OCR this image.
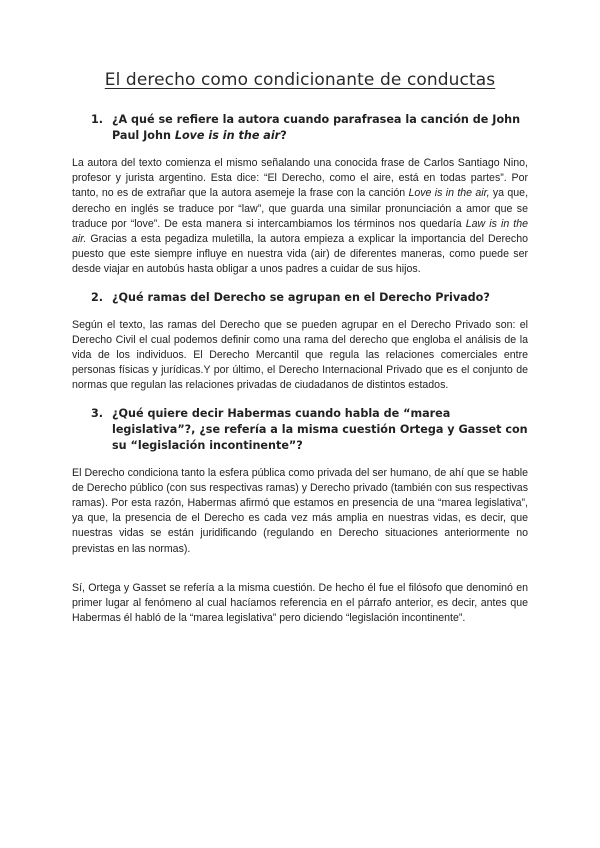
El derecho como condicionante de conductas
1. ¿A qué se refiere la autora cuando parafrasea la canción de John Paul John Love is in the air?

La autora del texto comienza el mismo señalando una conocida frase de Carlos Santiago Nino, profesor y jurista argentino. Esta dice: “El Derecho, como el aire, está en todas partes”. Por tanto, no es de extrañar que la autora asemeje la frase con la canción Love is in the air, ya que, derecho en inglés se traduce por “law”, que guarda una similar pronunciación a amor que se traduce por “love”. De esta manera si intercambiamos los términos nos quedaría Law is in the air. Gracias a esta pegadiza muletilla, la autora empieza a explicar la importancia del Derecho puesto que este siempre influye en nuestra vida (air) de diferentes maneras, como puede ser desde viajar en autobús hasta obligar a unos padres a cuidar de sus hijos.

2. ¿Qué ramas del Derecho se agrupan en el Derecho Privado?

Según el texto, las ramas del Derecho que se pueden agrupar en el Derecho Privado son: el Derecho Civil el cual podemos definir como una rama del derecho que engloba el análisis de la vida de los individuos. El Derecho Mercantil que regula las relaciones comerciales entre personas físicas y jurídicas.Y por último, el Derecho Internacional Privado que es el conjunto de normas que regulan las relaciones privadas de ciudadanos de distintos estados.

3. ¿Qué quiere decir Habermas cuando habla de “marea legislativa”?, ¿se refería a la misma cuestión Ortega y Gasset con su “legislación incontinente”?

El Derecho condiciona tanto la esfera pública como privada del ser humano, de ahí que se hable de Derecho público (con sus respectivas ramas) y Derecho privado (también con sus respectivas ramas). Por esta razón, Habermas afirmó que estamos en presencia de una “marea legislativa”, ya que, la presencia de el Derecho es cada vez más amplia en nuestras vidas, es decir, que nuestras vidas se están juridificando (regulando en Derecho situaciones anteriormente no previstas en las normas).

Sí, Ortega y Gasset se refería a la misma cuestión. De hecho él fue el filósofo que denominó en primer lugar al fenómeno al cual hacíamos referencia en el párrafo anterior, es decir, antes que Habermas él habló de la “marea legislativa” pero diciendo “legislación incontinente”.
